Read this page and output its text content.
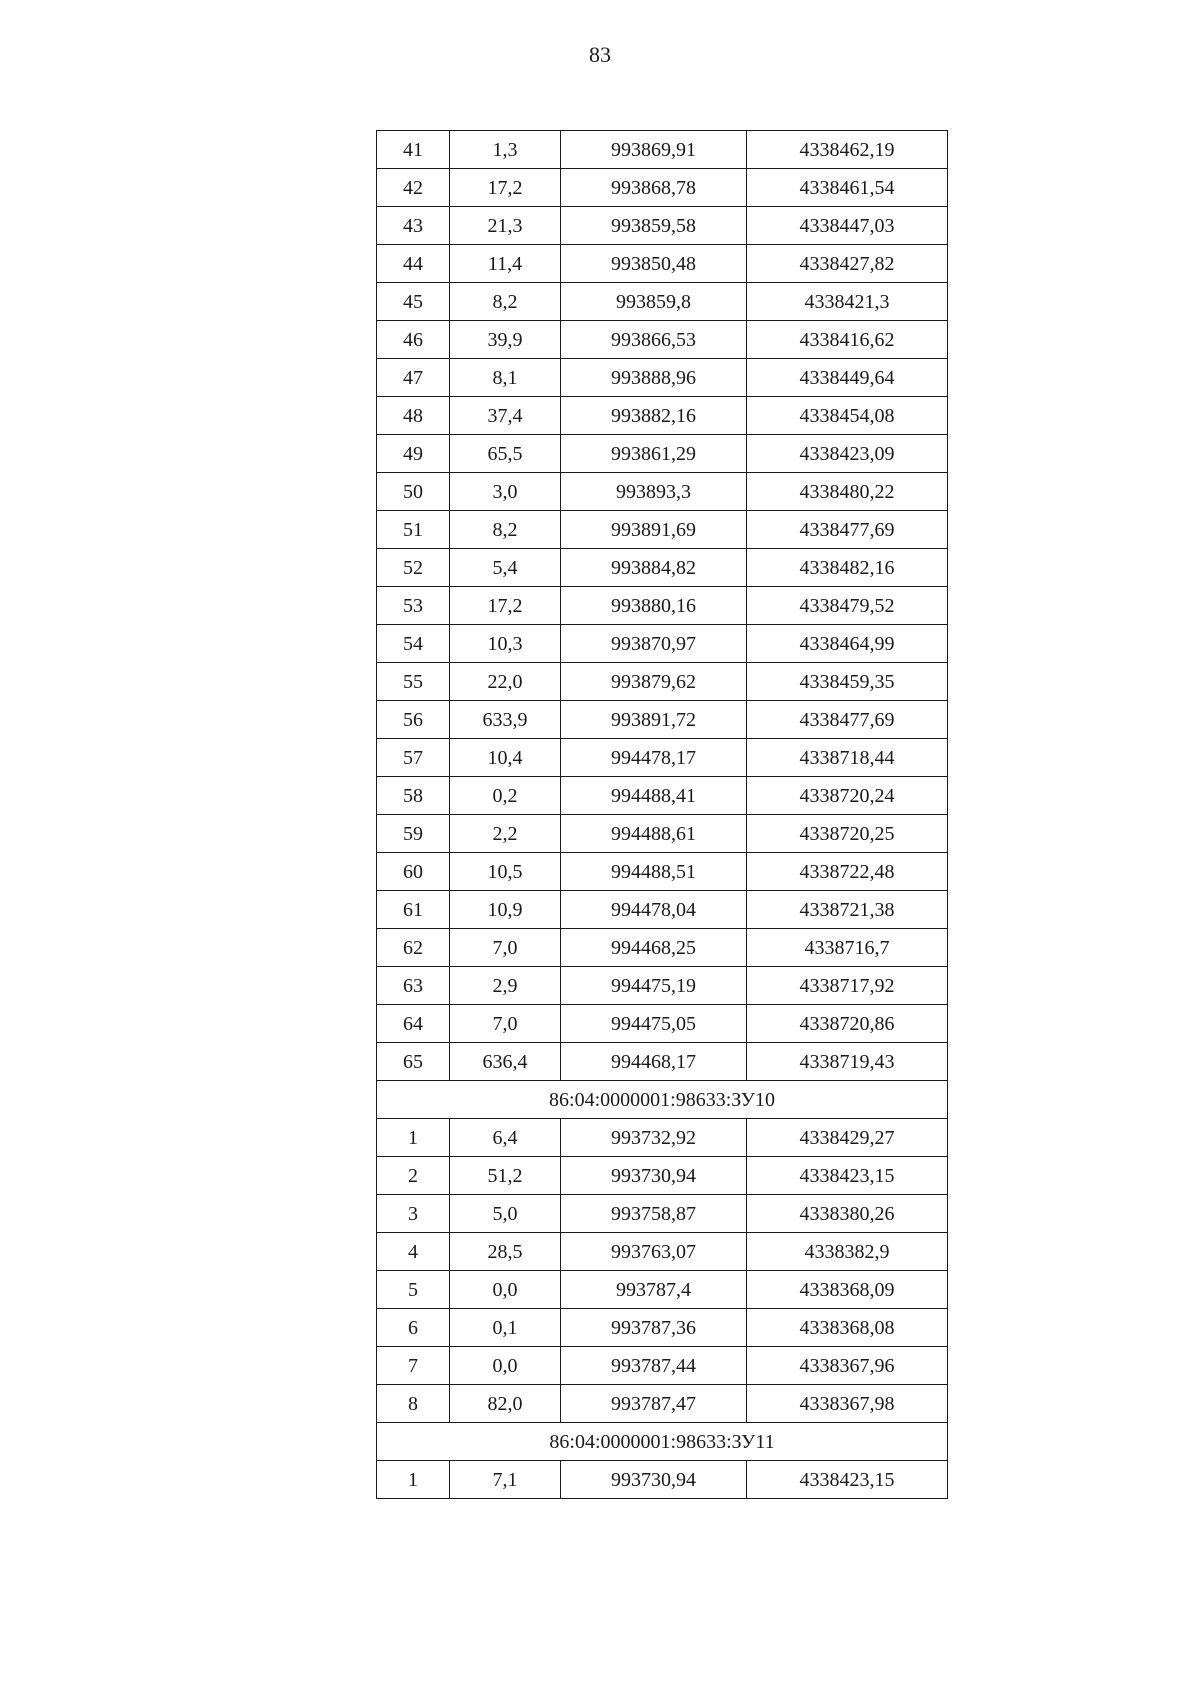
83
41	1,3	993869,91	4338462,19
42	17,2	993868,78	4338461,54
43	21,3	993859,58	4338447,03
44	11,4	993850,48	4338427,82
45	8,2	993859,8	4338421,3
46	39,9	993866,53	4338416,62
47	8,1	993888,96	4338449,64
48	37,4	993882,16	4338454,08
49	65,5	993861,29	4338423,09
50	3,0	993893,3	4338480,22
51	8,2	993891,69	4338477,69
52	5,4	993884,82	4338482,16
53	17,2	993880,16	4338479,52
54	10,3	993870,97	4338464,99
55	22,0	993879,62	4338459,35
56	633,9	993891,72	4338477,69
57	10,4	994478,17	4338718,44
58	0,2	994488,41	4338720,24
59	2,2	994488,61	4338720,25
60	10,5	994488,51	4338722,48
61	10,9	994478,04	4338721,38
62	7,0	994468,25	4338716,7
63	2,9	994475,19	4338717,92
64	7,0	994475,05	4338720,86
65	636,4	994468,17	4338719,43
86:04:0000001:98633:ЗУ10			
1	6,4	993732,92	4338429,27
2	51,2	993730,94	4338423,15
3	5,0	993758,87	4338380,26
4	28,5	993763,07	4338382,9
5	0,0	993787,4	4338368,09
6	0,1	993787,36	4338368,08
7	0,0	993787,44	4338367,96
8	82,0	993787,47	4338367,98
86:04:0000001:98633:ЗУ11			
1	7,1	993730,94	4338423,15
